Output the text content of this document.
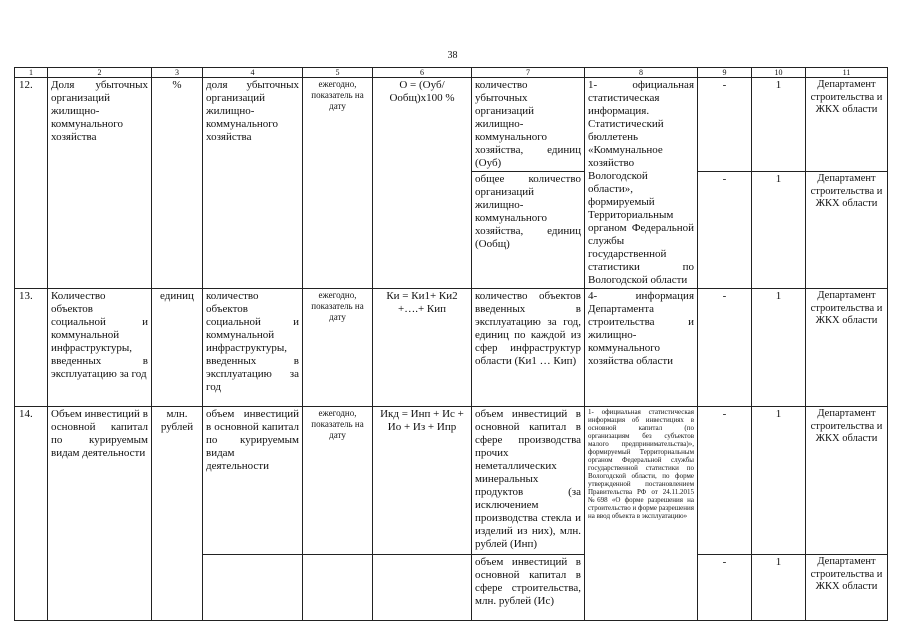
38
1	2	3	4	5	6	7	8	9	10	11
12.	Доля убыточных организаций жилищно-коммунального хозяйства	%	доля убыточных организаций жилищно-коммунального хозяйства	ежегодно, показатель на дату	О = (Оуб/Ообщ)х100 %	количество убыточных организаций жилищно-коммунального хозяйства, единиц (Оуб)	1- официальная статистическая информация. Статистический бюллетень «Коммунальное хозяйство Вологодской области», формируемый Территориальным органом Федеральной службы государственной статистики по Вологодской области	-	1	Департамент строительства и ЖКХ области
						общее количество организаций жилищно-коммунального хозяйства, единиц (Ообщ)		-	1	Департамент строительства и ЖКХ области
13.	Количество объектов социальной и коммунальной инфраструктуры, введенных в эксплуатацию за год	единиц	количество объектов социальной и коммунальной инфраструктуры, введенных в эксплуатацию за год	ежегодно, показатель на дату	Ки = Ки1+ Ки2 +….+ Кип	количество объектов введенных в эксплуатацию за год, единиц по каждой из сфер инфраструктур области (Ки1 … Кип)	4- информация Департамента строительства и жилищно-коммунального хозяйства области	-	1	Департамент строительства и ЖКХ области
14.	Объем инвестиций в основной капитал по курируемым видам деятельности	млн. рублей	объем инвестиций в основной капитал по курируемым видам деятельности	ежегодно, показатель на дату	Икд = Инп + Ис + Ио + Из + Ипр	объем инвестиций в основной капитал в сфере производства прочих неметаллических минеральных продуктов (за исключением производства стекла и изделий из них), млн. рублей (Инп)	1- официальная статистическая информация об инвестициях в основной капитал (по организациям без субъектов малого предпринимательства)», формируемый Территориальным органом Федеральной службы государственной статистики по Вологодской области, по форме утвержденной постановлением Правительства РФ от 24.11.2015 №698 «О форме разрешения на строительство и форме разрешения на ввод объекта в эксплуатацию»	-	1	Департамент строительства и ЖКХ области
						объем инвестиций в основной капитал в сфере строительства, млн. рублей (Ис)		-	1	Департамент строительства и ЖКХ области
